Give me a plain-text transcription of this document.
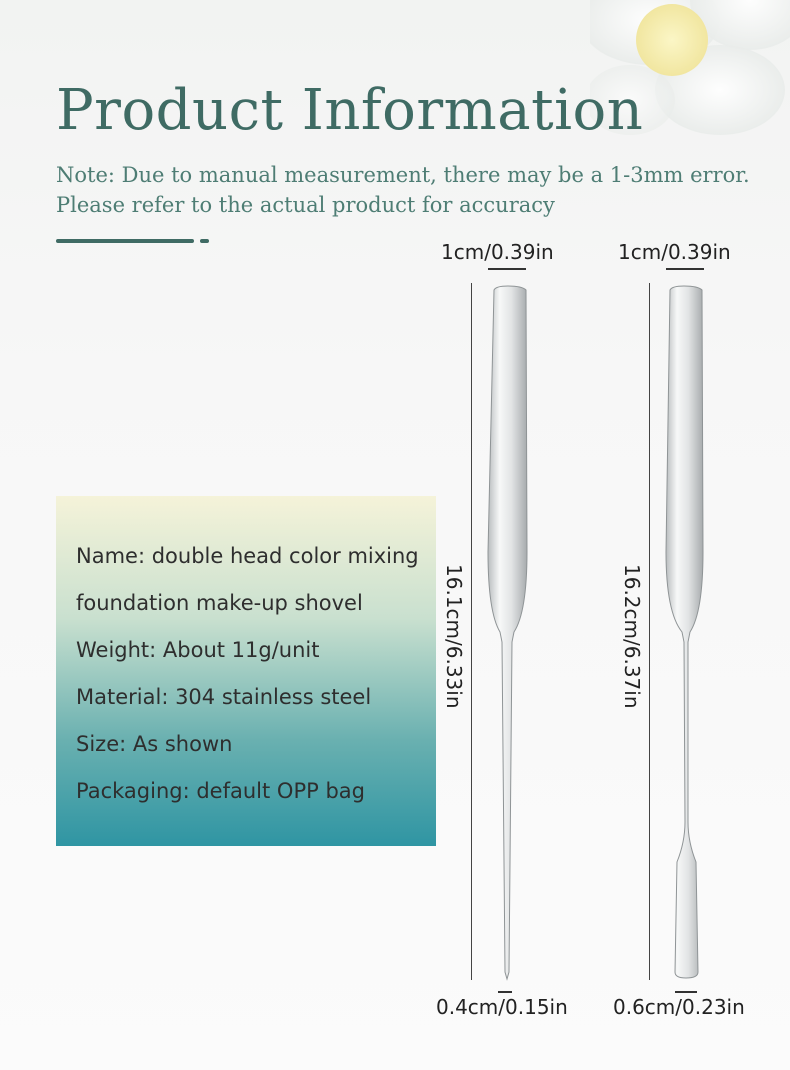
Product Information
Note: Due to manual measurement, there may be a 1-3mm error.
Please refer to the actual product for accuracy
Name: double head color mixing
foundation make-up shovel
Weight: About 11g/unit
Material: 304 stainless steel
Size: As shown
Packaging: default OPP bag
1cm/0.39in
16.1cm/6.33in
0.4cm/0.15in
1cm/0.39in
16.2cm/6.37in
0.6cm/0.23in
